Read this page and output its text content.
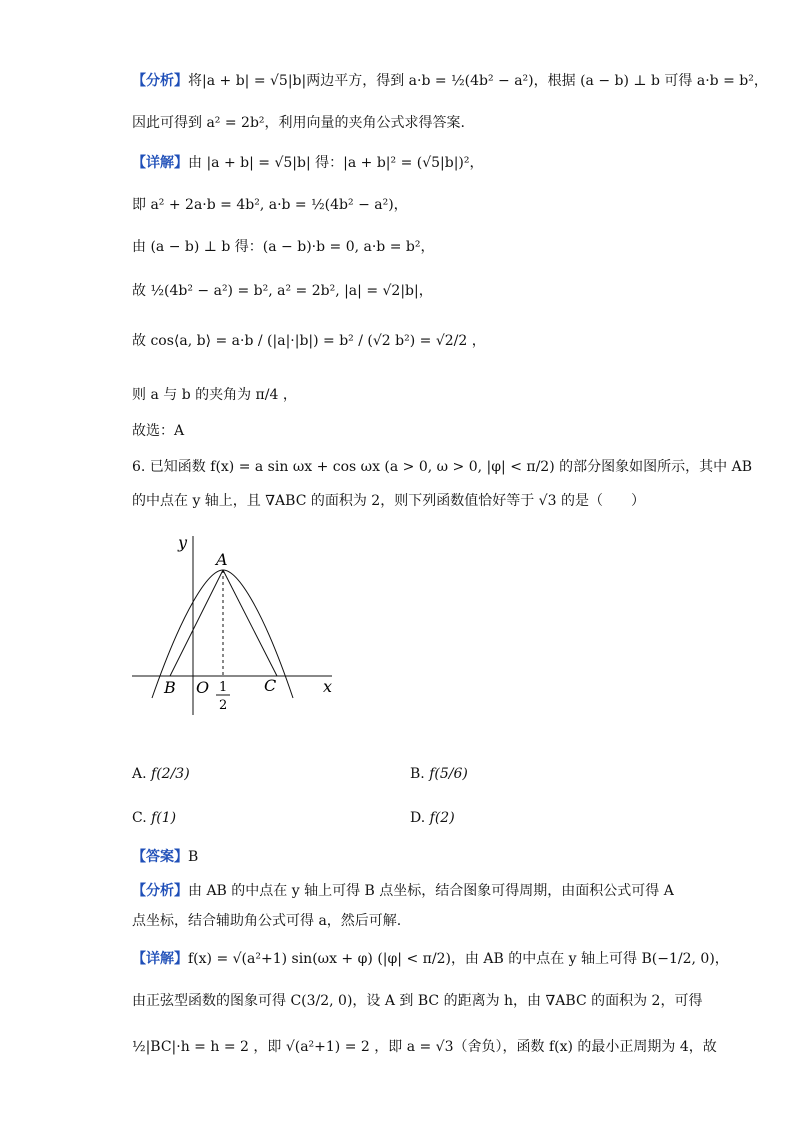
【分析】将|a + b| = √5|b|两边平方，得到 a·b = ½(4b² − a²)，根据 (a − b) ⊥ b 可得 a·b = b²，
因此可得到 a² = 2b²，利用向量的夹角公式求得答案.
【详解】由 |a + b| = √5|b| 得：|a + b|² = (√5|b|)²，
即 a² + 2a·b = 4b², a·b = ½(4b² − a²)，
由 (a − b) ⊥ b 得：(a − b)·b = 0, a·b = b²，
故 ½(4b² − a²) = b², a² = 2b², |a| = √2|b|，
故 cos⟨a, b⟩ = a·b / (|a|·|b|) = b² / (√2 b²) = √2/2 ，
则 a 与 b 的夹角为 π/4 ，
故选：A
6. 已知函数 f(x) = a sin ωx + cos ωx (a > 0, ω > 0, |φ| < π/2) 的部分图象如图所示，其中 AB
的中点在 y 轴上，且 ∇ABC 的面积为 2，则下列函数值恰好等于 √3 的是（　　）
y
x
A
B O	C
1
2
A. f(2/3)	B. f(5/6)
C. f(1)	D. f(2)
【答案】B
【分析】由 AB 的中点在 y 轴上可得 B 点坐标，结合图象可得周期，由面积公式可得 A
点坐标，结合辅助角公式可得 a，然后可解.
【详解】f(x) = √(a²+1) sin(ωx + φ) (|φ| < π/2)，由 AB 的中点在 y 轴上可得 B(−1/2, 0)，
由正弦型函数的图象可得 C(3/2, 0)，设 A 到 BC 的距离为 h，由 ∇ABC 的面积为 2，可得
½|BC|·h = h = 2 ，即 √(a²+1) = 2 ，即 a = √3（舍负），函数 f(x) 的最小正周期为 4，故
